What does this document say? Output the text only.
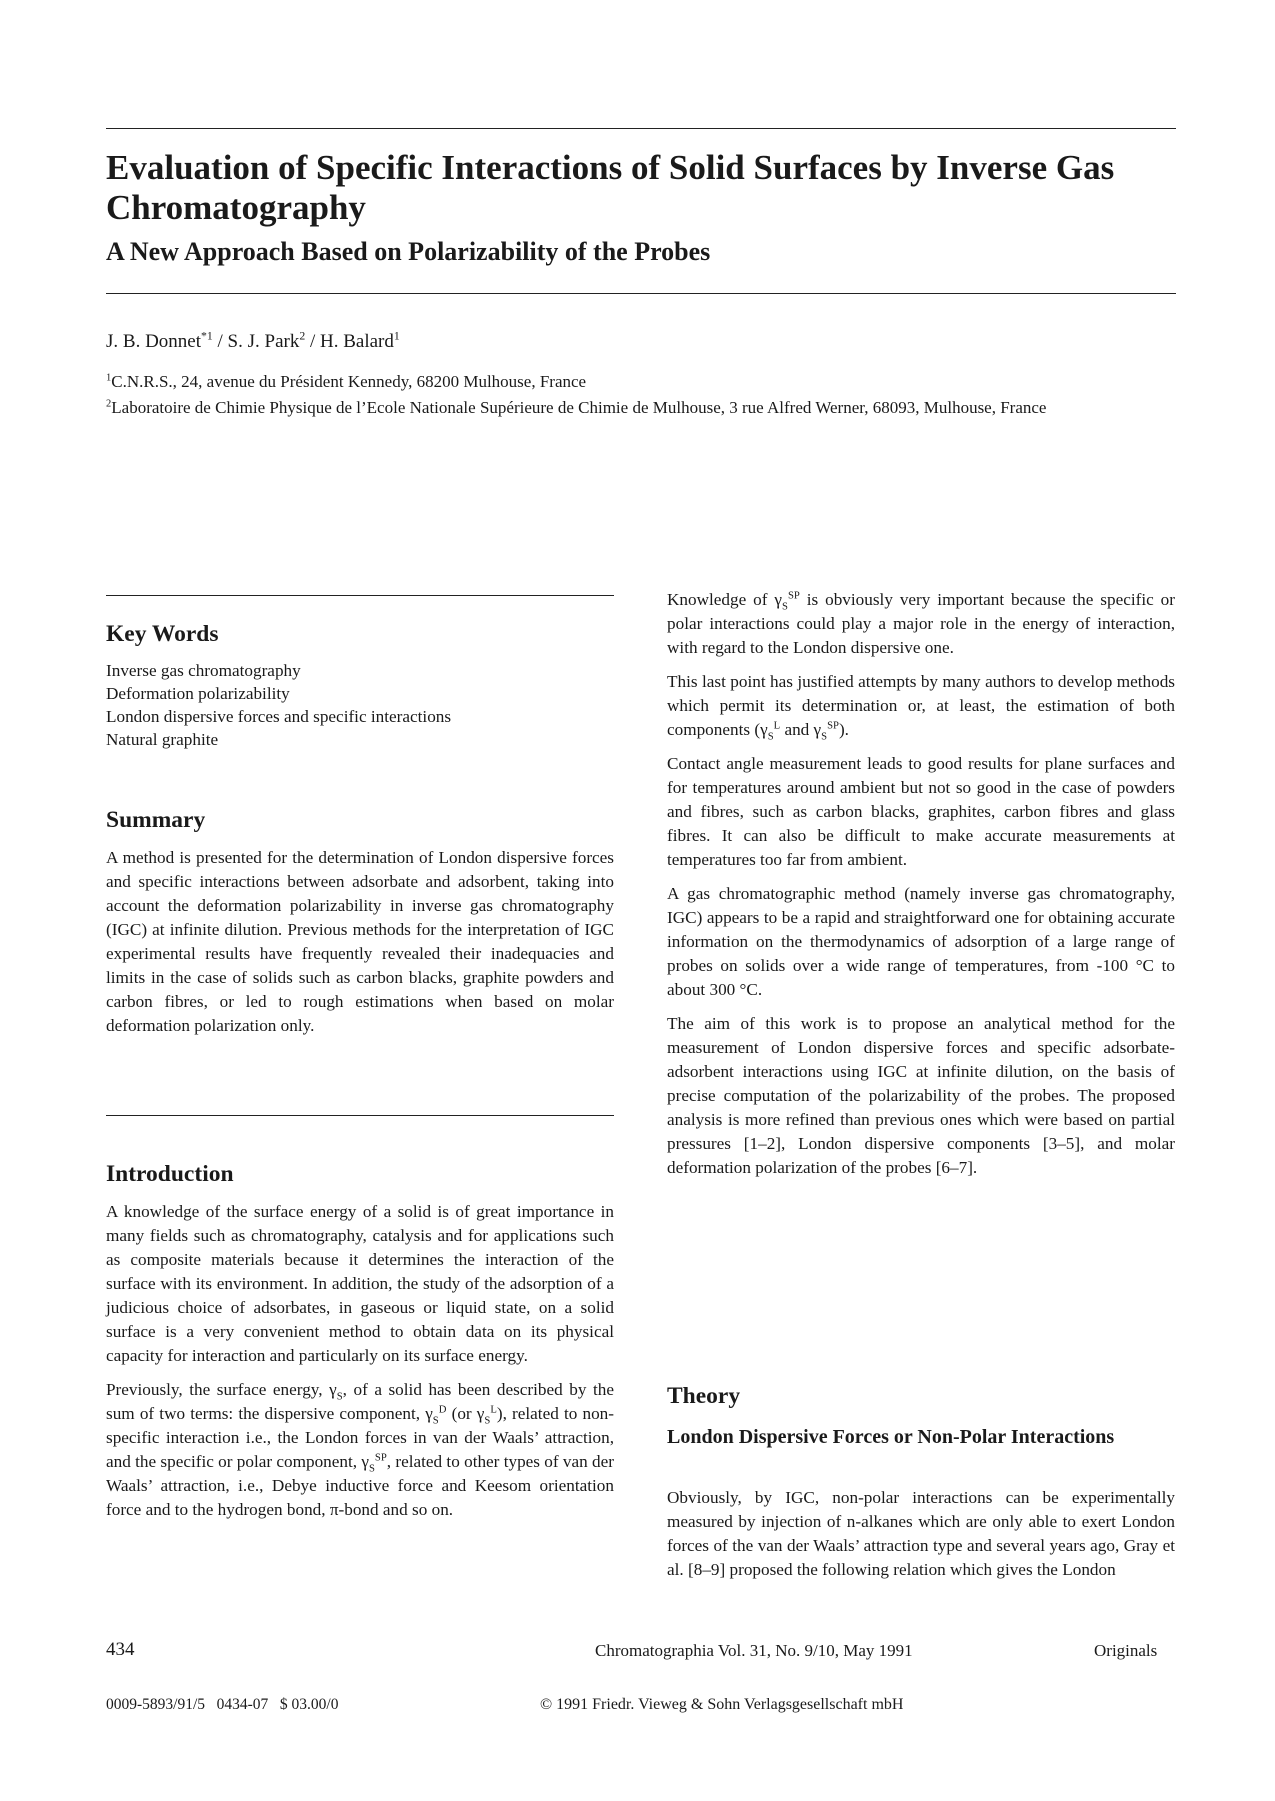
Evaluation of Specific Interactions of Solid Surfaces by Inverse Gas Chromatography
A New Approach Based on Polarizability of the Probes
J. B. Donnet$^{*1}$ / S. J. Park$^2$ / H. Balard$^1$
$^1$C.N.R.S., 24, avenue du Président Kennedy, 68200 Mulhouse, France
$^2$Laboratoire de Chimie Physique de l’Ecole Nationale Supérieure de Chimie de Mulhouse, 3 rue Alfred Werner, 68093, Mulhouse, France
Key Words
Inverse gas chromatography
Deformation polarizability
London dispersive forces and specific interactions
Natural graphite
Summary

A method is presented for the determination of London dispersive forces and specific interactions between adsorbate and adsorbent, taking into account the deformation polarizability in inverse gas chromatography (IGC) at infinite dilution. Previous methods for the interpretation of IGC experimental results have frequently revealed their inadequacies and limits in the case of solids such as carbon blacks, graphite powders and carbon fibres, or led to rough estimations when based on molar deformation polarization only.

Introduction

A knowledge of the surface energy of a solid is of great importance in many fields such as chromatography, catalysis and for applications such as composite materials because it determines the interaction of the surface with its environment. In addition, the study of the adsorption of a judicious choice of adsorbates, in gaseous or liquid state, on a solid surface is a very convenient method to obtain data on its physical capacity for interaction and particularly on its surface energy.

Previously, the surface energy, $\gamma_S$, of a solid has been described by the sum of two terms: the dispersive component, $\gamma_S^D$ (or $\gamma_S^L$), related to non-specific interaction i.e., the London forces in van der Waals’ attraction, and the specific or polar component, $\gamma_S^{SP}$, related to other types of van der Waals’ attraction, i.e., Debye inductive force and Keesom orientation force and to the hydrogen bond, π-bond and so on.

Knowledge of $\gamma_S^{SP}$ is obviously very important because the specific or polar interactions could play a major role in the energy of interaction, with regard to the London dispersive one.

This last point has justified attempts by many authors to develop methods which permit its determination or, at least, the estimation of both components ($\gamma_S^L$ and $\gamma_S^{SP}$).

Contact angle measurement leads to good results for plane surfaces and for temperatures around ambient but not so good in the case of powders and fibres, such as carbon blacks, graphites, carbon fibres and glass fibres. It can also be difficult to make accurate measurements at temperatures too far from ambient.

A gas chromatographic method (namely inverse gas chromatography, IGC) appears to be a rapid and straightforward one for obtaining accurate information on the thermodynamics of adsorption of a large range of probes on solids over a wide range of temperatures, from -100 °C to about 300 °C.

The aim of this work is to propose an analytical method for the measurement of London dispersive forces and specific adsorbate-adsorbent interactions using IGC at infinite dilution, on the basis of precise computation of the polarizability of the probes. The proposed analysis is more refined than previous ones which were based on partial pressures [1–2], London dispersive components [3–5], and molar deformation polarization of the probes [6–7].

Theory
London Dispersive Forces or Non-Polar Interactions

Obviously, by IGC, non-polar interactions can be experimentally measured by injection of n-alkanes which are only able to exert London forces of the van der Waals’ attraction type and several years ago, Gray et al. [8–9] proposed the following relation which gives the London

434	Chromatographia Vol. 31, No. 9/10, May 1991	Originals
0009-5893/91/5   0434-07   $ 03.00/0	© 1991 Friedr. Vieweg & Sohn Verlagsgesellschaft mbH
